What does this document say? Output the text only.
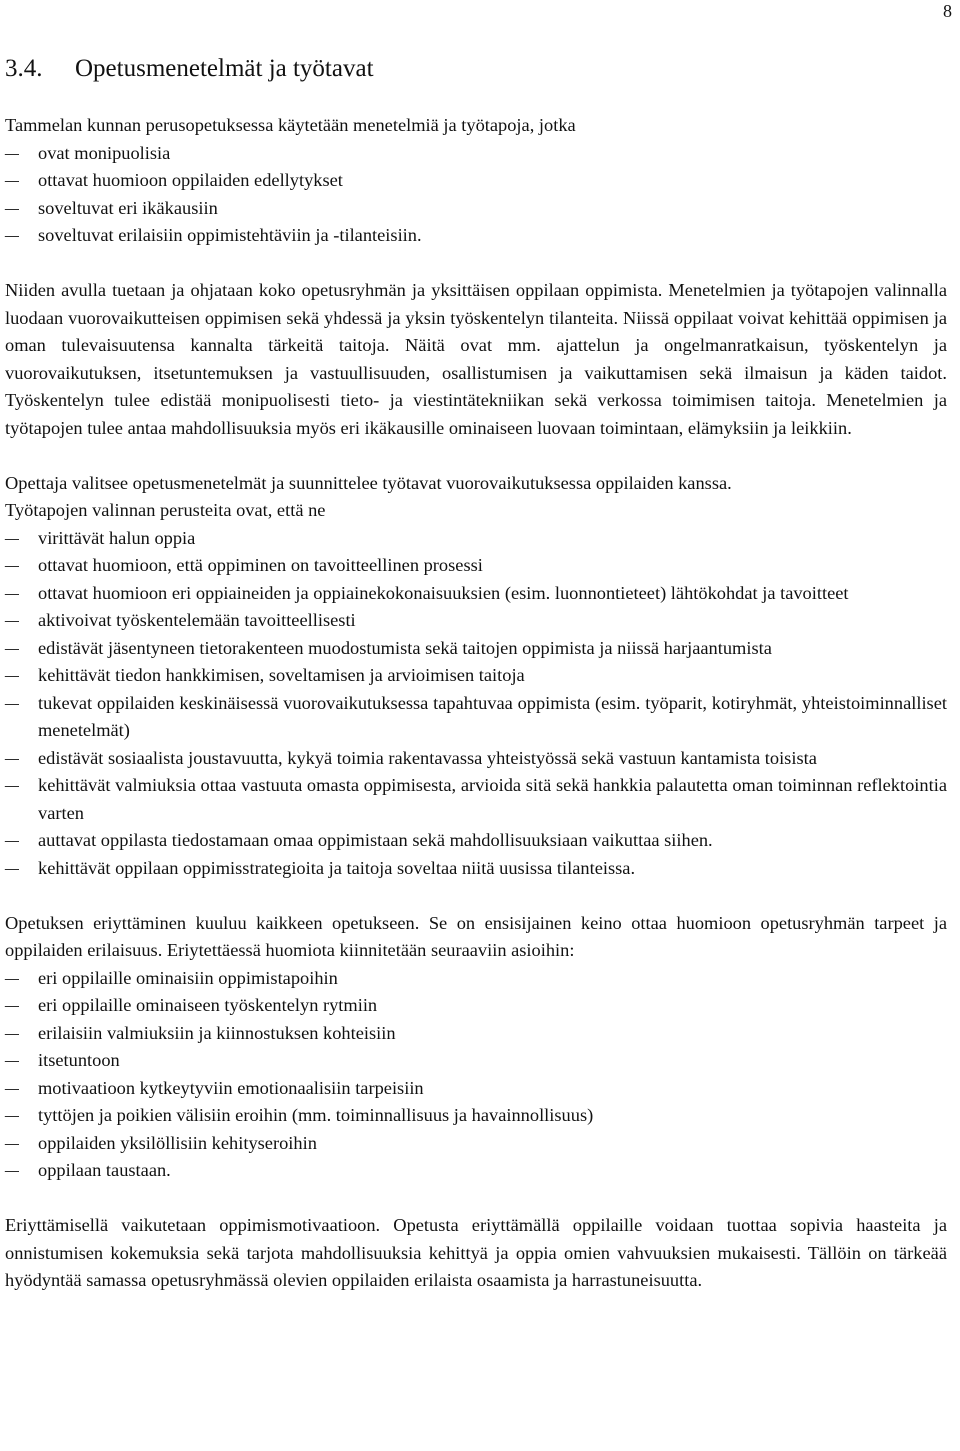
8
3.4. Opetusmenetelmät ja työtavat

Tammelan kunnan perusopetuksessa käytetään menetelmiä ja työtapoja, jotka

– ovat monipuolisia
– ottavat huomioon oppilaiden edellytykset
– soveltuvat eri ikäkausiin
– soveltuvat erilaisiin oppimistehtäviin ja -tilanteisiin.

Niiden avulla tuetaan ja ohjataan koko opetusryhmän ja yksittäisen oppilaan oppimista. Menetelmien ja työtapojen valinnalla luodaan vuorovaikutteisen oppimisen sekä yhdessä ja yksin työskentelyn tilanteita. Niissä oppilaat voivat kehittää oppimisen ja oman tulevaisuutensa kannalta tärkeitä taitoja. Näitä ovat mm. ajattelun ja ongelmanratkaisun, työskentelyn ja vuorovaikutuksen, itsetuntemuksen ja vastuullisuuden, osallistumisen ja vaikuttamisen sekä ilmaisun ja käden taidot. Työskentelyn tulee edistää monipuolisesti tieto- ja viestintätekniikan sekä verkossa toimimisen taitoja. Menetelmien ja työtapojen tulee antaa mahdollisuuksia myös eri ikäkausille ominaiseen luovaan toimintaan, elämyksiin ja leikkiin.

Opettaja valitsee opetusmenetelmät ja suunnittelee työtavat vuorovaikutuksessa oppilaiden kanssa.

Työtapojen valinnan perusteita ovat, että ne

– virittävät halun oppia
– ottavat huomioon, että oppiminen on tavoitteellinen prosessi
– ottavat huomioon eri oppiaineiden ja oppiainekokonaisuuksien (esim. luonnontieteet) lähtökohdat ja tavoitteet
– aktivoivat työskentelemään tavoitteellisesti
– edistävät jäsentyneen tietorakenteen muodostumista sekä taitojen oppimista ja niissä harjaantumista
– kehittävät tiedon hankkimisen, soveltamisen ja arvioimisen taitoja
– tukevat oppilaiden keskinäisessä vuorovaikutuksessa tapahtuvaa oppimista (esim. työparit, kotiryhmät, yhteistoiminnalliset menetelmät)
– edistävät sosiaalista joustavuutta, kykyä toimia rakentavassa yhteistyössä sekä vastuun kantamista toisista
– kehittävät valmiuksia ottaa vastuuta omasta oppimisesta, arvioida sitä sekä hankkia palautetta oman toiminnan reflektointia varten
– auttavat oppilasta tiedostamaan omaa oppimistaan sekä mahdollisuuksiaan vaikuttaa siihen.
– kehittävät oppilaan oppimisstrategioita ja taitoja soveltaa niitä uusissa tilanteissa.

Opetuksen eriyttäminen kuuluu kaikkeen opetukseen. Se on ensisijainen keino ottaa huomioon opetusryhmän tarpeet ja oppilaiden erilaisuus. Eriytettäessä huomiota kiinnitetään seuraaviin asioihin:

– eri oppilaille ominaisiin oppimistapoihin
– eri oppilaille ominaiseen työskentelyn rytmiin
– erilaisiin valmiuksiin ja kiinnostuksen kohteisiin
– itsetuntoon
– motivaatioon kytkeytyviin emotionaalisiin tarpeisiin
– tyttöjen ja poikien välisiin eroihin (mm. toiminnallisuus ja havainnollisuus)
– oppilaiden yksilöllisiin kehityseroihin
– oppilaan taustaan.

Eriyttämisellä vaikutetaan oppimismotivaatioon. Opetusta eriyttämällä oppilaille voidaan tuottaa sopivia haasteita ja onnistumisen kokemuksia sekä tarjota mahdollisuuksia kehittyä ja oppia omien vahvuuksien mukaisesti. Tällöin on tärkeää hyödyntää samassa opetusryhmässä olevien oppilaiden erilaista osaamista ja harrastuneisuutta.
